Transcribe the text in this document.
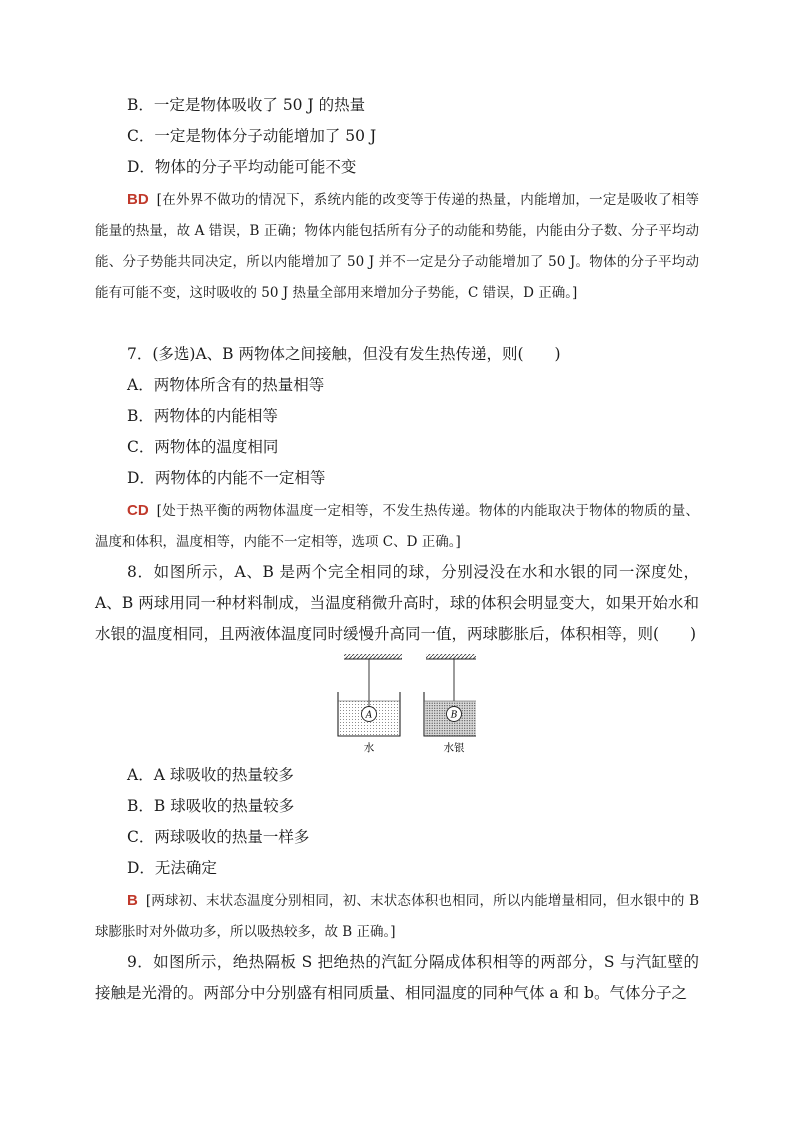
B．一定是物体吸收了 50 J 的热量
C．一定是物体分子动能增加了 50 J
D．物体的分子平均动能可能不变
BD [在外界不做功的情况下，系统内能的改变等于传递的热量，内能增加，一定是吸收了相等能量的热量，故 A 错误，B 正确；物体内能包括所有分子的动能和势能，内能由分子数、分子平均动能、分子势能共同决定，所以内能增加了 50 J 并不一定是分子动能增加了 50 J。物体的分子平均动能有可能不变，这时吸收的 50 J 热量全部用来增加分子势能，C 错误，D 正确。]
7．(多选)A、B 两物体之间接触，但没有发生热传递，则(　　)
A．两物体所含有的热量相等
B．两物体的内能相等
C．两物体的温度相同
D．两物体的内能不一定相等
CD [处于热平衡的两物体温度一定相等，不发生热传递。物体的内能取决于物体的物质的量、温度和体积，温度相等，内能不一定相等，选项 C、D 正确。]
8．如图所示，A、B 是两个完全相同的球，分别浸没在水和水银的同一深度处，A、B 两球用同一种材料制成，当温度稍微升高时，球的体积会明显变大，如果开始水和水银的温度相同，且两液体温度同时缓慢升高同一值，两球膨胀后，体积相等，则(　　)
A	B
水	水银
A．A 球吸收的热量较多
B．B 球吸收的热量较多
C．两球吸收的热量一样多
D．无法确定
B [两球初、末状态温度分别相同，初、末状态体积也相同，所以内能增量相同，但水银中的 B 球膨胀时对外做功多，所以吸热较多，故 B 正确。]
9．如图所示，绝热隔板 S 把绝热的汽缸分隔成体积相等的两部分，S 与汽缸壁的接触是光滑的。两部分中分别盛有相同质量、相同温度的同种气体 a 和 b。气体分子之
